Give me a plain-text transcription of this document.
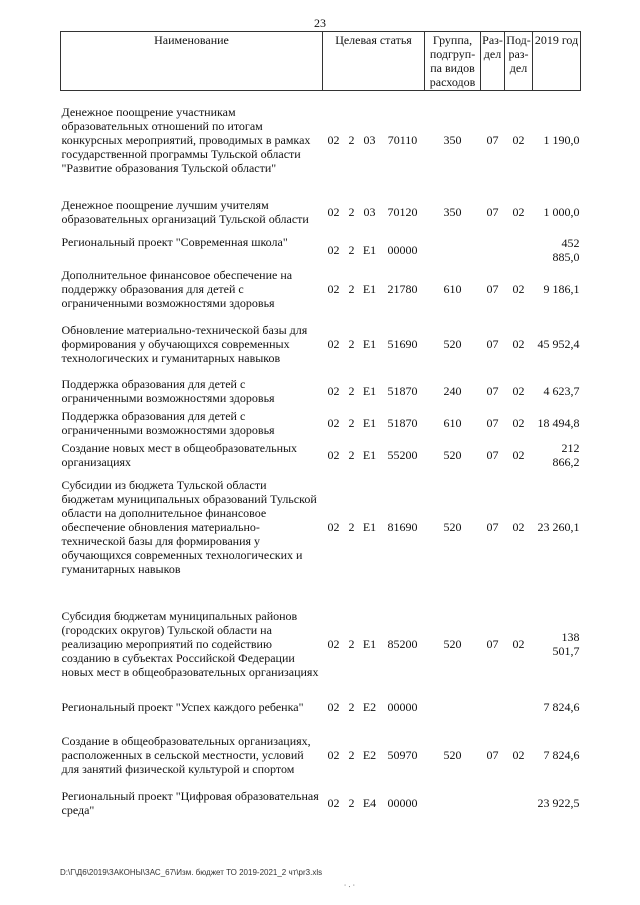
23
Наименование	Целевая статья				Группа, подгруп-па видов расходов	Раз-дел	Под-раз-дел	2019 год
Денежное поощрение участникам образовательных отношений по итогам конкурсных мероприятий, проводимых в рамках государственной программы Тульской области "Развитие образования Тульской области"	02	2	03	70110	350	07	02	1 190,0
Денежное поощрение лучшим учителям образовательных организаций Тульской области	02	2	03	70120	350	07	02	1 000,0
Региональный проект "Современная школа"	02	2	E1	00000				452 885,0
Дополнительное финансовое обеспечение на поддержку образования для детей с ограниченными возможностями здоровья	02	2	E1	21780	610	07	02	9 186,1
Обновление материально-технической базы для формирования у обучающихся современных технологических и гуманитарных навыков	02	2	E1	51690	520	07	02	45 952,4
Поддержка образования для детей с ограниченными возможностями здоровья	02	2	E1	51870	240	07	02	4 623,7
Поддержка образования для детей с ограниченными возможностями здоровья	02	2	E1	51870	610	07	02	18 494,8
Создание новых мест в общеобразовательных организациях	02	2	E1	55200	520	07	02	212 866,2
Субсидии из бюджета Тульской области бюджетам муниципальных образований Тульской области на дополнительное финансовое обеспечение обновления материально-технической базы для формирования у обучающихся современных технологических и гуманитарных навыков	02	2	E1	81690	520	07	02	23 260,1

Субсидия бюджетам муниципальных районов (городских округов) Тульской области на реализацию мероприятий по содействию созданию в субъектах Российской Федерации новых мест в общеобразовательных организациях	02	2	E1	85200	520	07	02	138 501,7
Региональный проект "Успех каждого ребенка"	02	2	E2	00000				7 824,6
Создание в общеобразовательных организациях, расположенных в сельской местности, условий для занятий физической культурой и спортом	02	2	E2	50970	520	07	02	7 824,6
Региональный проект "Цифровая образовательная среда"	02	2	E4	00000				23 922,5
D:\Г\Д6\2019\ЗАКОНЫ\ЗАС_67\Изм. бюджет ТО 2019-2021_2 чт\pr3.xls
⸱ ⸳ ⸱
